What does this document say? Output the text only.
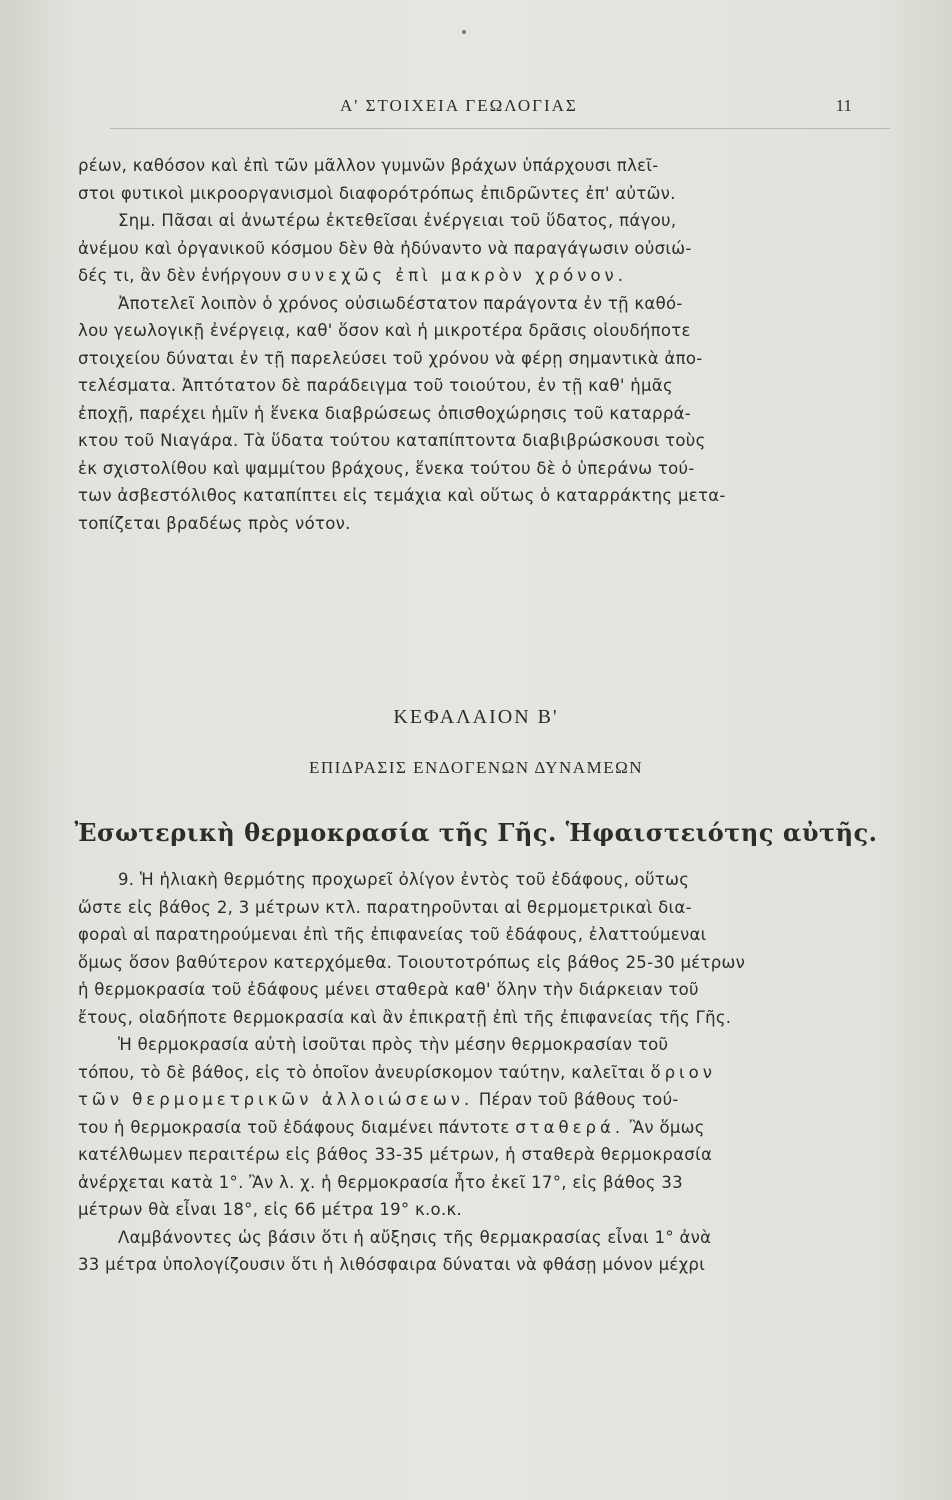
Α' ΣΤΟΙΧΕΙΑ ΓΕΩΛΟΓΙΑΣ	11
ρέων, καθόσον καὶ ἐπὶ τῶν μᾶλλον γυμνῶν βράχων ὑπάρχουσι πλεῖ-
στοι φυτικοὶ μικροοργανισμοὶ διαφορότρόπως ἐπιδρῶντες ἐπ' αὐτῶν.
Σημ. Πᾶσαι αἱ ἀνωτέρω ἐκτεθεῖσαι ἐνέργειαι τοῦ ὕδατος, πάγου,
ἀνέμου καὶ ὀργανικοῦ κόσμου δὲν θὰ ἠδύναντο νὰ παραγάγωσιν οὐσιώ-
δές τι, ἂν δὲν ἐνήργουν συνεχῶς ἐπὶ μακρὸν χρόνον.
Ἀποτελεῖ λοιπὸν ὁ χρόνος οὐσιωδέστατον παράγοντα ἐν τῇ καθό-
λου γεωλογικῇ ἐνέργειᾳ, καθ' ὅσον καὶ ἡ μικροτέρα δρᾶσις οἱουδήποτε
στοιχείου δύναται ἐν τῇ παρελεύσει τοῦ χρόνου νὰ φέρῃ σημαντικὰ ἀπο-
τελέσματα. Ἀπτότατον δὲ παράδειγμα τοῦ τοιούτου, ἐν τῇ καθ' ἡμᾶς
ἐποχῇ, παρέχει ἡμῖν ἡ ἕνεκα διαβρώσεως ὀπισθοχώρησις τοῦ καταρρά-
κτου τοῦ Νιαγάρα. Τὰ ὕδατα τούτου καταπίπτοντα διαβιβρώσκουσι τοὺς
ἐκ σχιστολίθου καὶ ψαμμίτου βράχους, ἕνεκα τούτου δὲ ὁ ὑπεράνω τού-
των ἀσβεστόλιθος καταπίπτει εἰς τεμάχια καὶ οὕτως ὁ καταρράκτης μετα-
τοπίζεται βραδέως πρὸς νότον.
ΚΕΦΑΛΑΙΟΝ Β'
ΕΠΙΔΡΑΣΙΣ ΕΝΔΟΓΕΝΩΝ ΔΥΝΑΜΕΩΝ
Ἐσωτερικὴ θερμοκρασία τῆς Γῆς. Ἡφαιστειότης αὐτῆς.
9. Ἡ ἡλιακὴ θερμότης προχωρεῖ ὀλίγον ἐντὸς τοῦ ἐδάφους, οὕτως
ὥστε εἰς βάθος 2, 3 μέτρων κτλ. παρατηροῦνται αἱ θερμομετρικαὶ δια-
φοραὶ αἱ παρατηρούμεναι ἐπὶ τῆς ἐπιφανείας τοῦ ἐδάφους, ἐλαττούμεναι
ὅμως ὅσον βαθύτερον κατερχόμεθα. Τοιουτοτρόπως εἰς βάθος 25-30 μέτρων
ἡ θερμοκρασία τοῦ ἐδάφους μένει σταθερὰ καθ' ὅλην τὴν διάρκειαν τοῦ
ἔτους, οἱαδήποτε θερμοκρασία καὶ ἂν ἐπικρατῇ ἐπὶ τῆς ἐπιφανείας τῆς Γῆς.
Ἡ θερμοκρασία αὐτὴ ἰσοῦται πρὸς τὴν μέσην θερμοκρασίαν τοῦ
τόπου, τὸ δὲ βάθος, εἰς τὸ ὁποῖον ἀνευρίσκομον ταύτην, καλεῖται ὅριον
τῶν θερμομετρικῶν ἀλλοιώσεων. Πέραν τοῦ βάθους τού-
του ἡ θερμοκρασία τοῦ ἐδάφους διαμένει πάντοτε σταθερά. Ἂν ὅμως
κατέλθωμεν περαιτέρω εἰς βάθος 33-35 μέτρων, ἡ σταθερὰ θερμοκρασία
ἀνέρχεται κατὰ 1°. Ἂν λ. χ. ἡ θερμοκρασία ἦτο ἐκεῖ 17°, εἰς βάθος 33
μέτρων θὰ εἶναι 18°, εἰς 66 μέτρα 19° κ.ο.κ.
Λαμβάνοντες ὡς βάσιν ὅτι ἡ αὔξησις τῆς θερμακρασίας εἶναι 1° ἀνὰ
33 μέτρα ὑπολογίζουσιν ὅτι ἡ λιθόσφαιρα δύναται νὰ φθάσῃ μόνον μέχρι
